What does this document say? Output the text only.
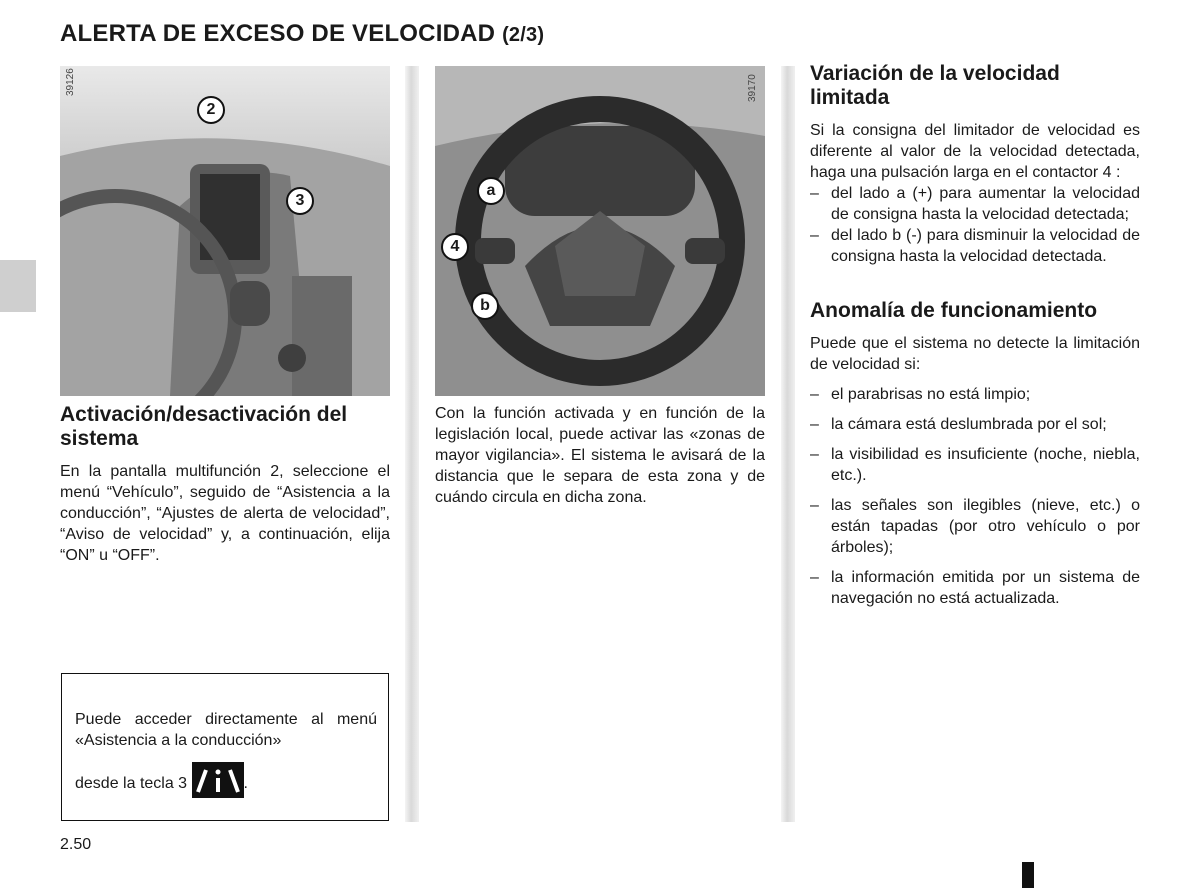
ALERTA DE EXCESO DE VELOCIDAD (2/3)
39126
2
3
39170
a
4
b
Activación/desactivación del sistema

En la pantalla multifunción 2, seleccione el menú “Vehículo”, seguido de “Asistencia a la conducción”, “Ajustes de alerta de velocidad”, “Aviso de velocidad” y, a continuación, elija “ON” u “OFF”.

Puede acceder directamente al menú «Asistencia a la conducción»

desde la tecla 3	.

Con la función activada y en función de la legislación local, puede activar las «zonas de mayor vigilancia». El sistema le avisará de la distancia que le separa de esta zona y de cuándo circula en dicha zona.

Variación de la velocidad limitada

Si la consigna del limitador de velocidad es diferente al valor de la velocidad detectada, haga una pulsación larga en el contactor 4 :

– del lado a (+) para aumentar la velocidad de consigna hasta la velocidad detectada;
– del lado b (-) para disminuir la velocidad de consigna hasta la velocidad detectada.
Anomalía de funcionamiento

Puede que el sistema no detecte la limitación de velocidad si:

– el parabrisas no está limpio;
– la cámara está deslumbrada por el sol;
– la visibilidad es insuficiente (noche, niebla, etc.).
– las señales son ilegibles (nieve, etc.) o están tapadas (por otro vehículo o por árboles);
– la información emitida por un sistema de navegación no está actualizada.
2.50
